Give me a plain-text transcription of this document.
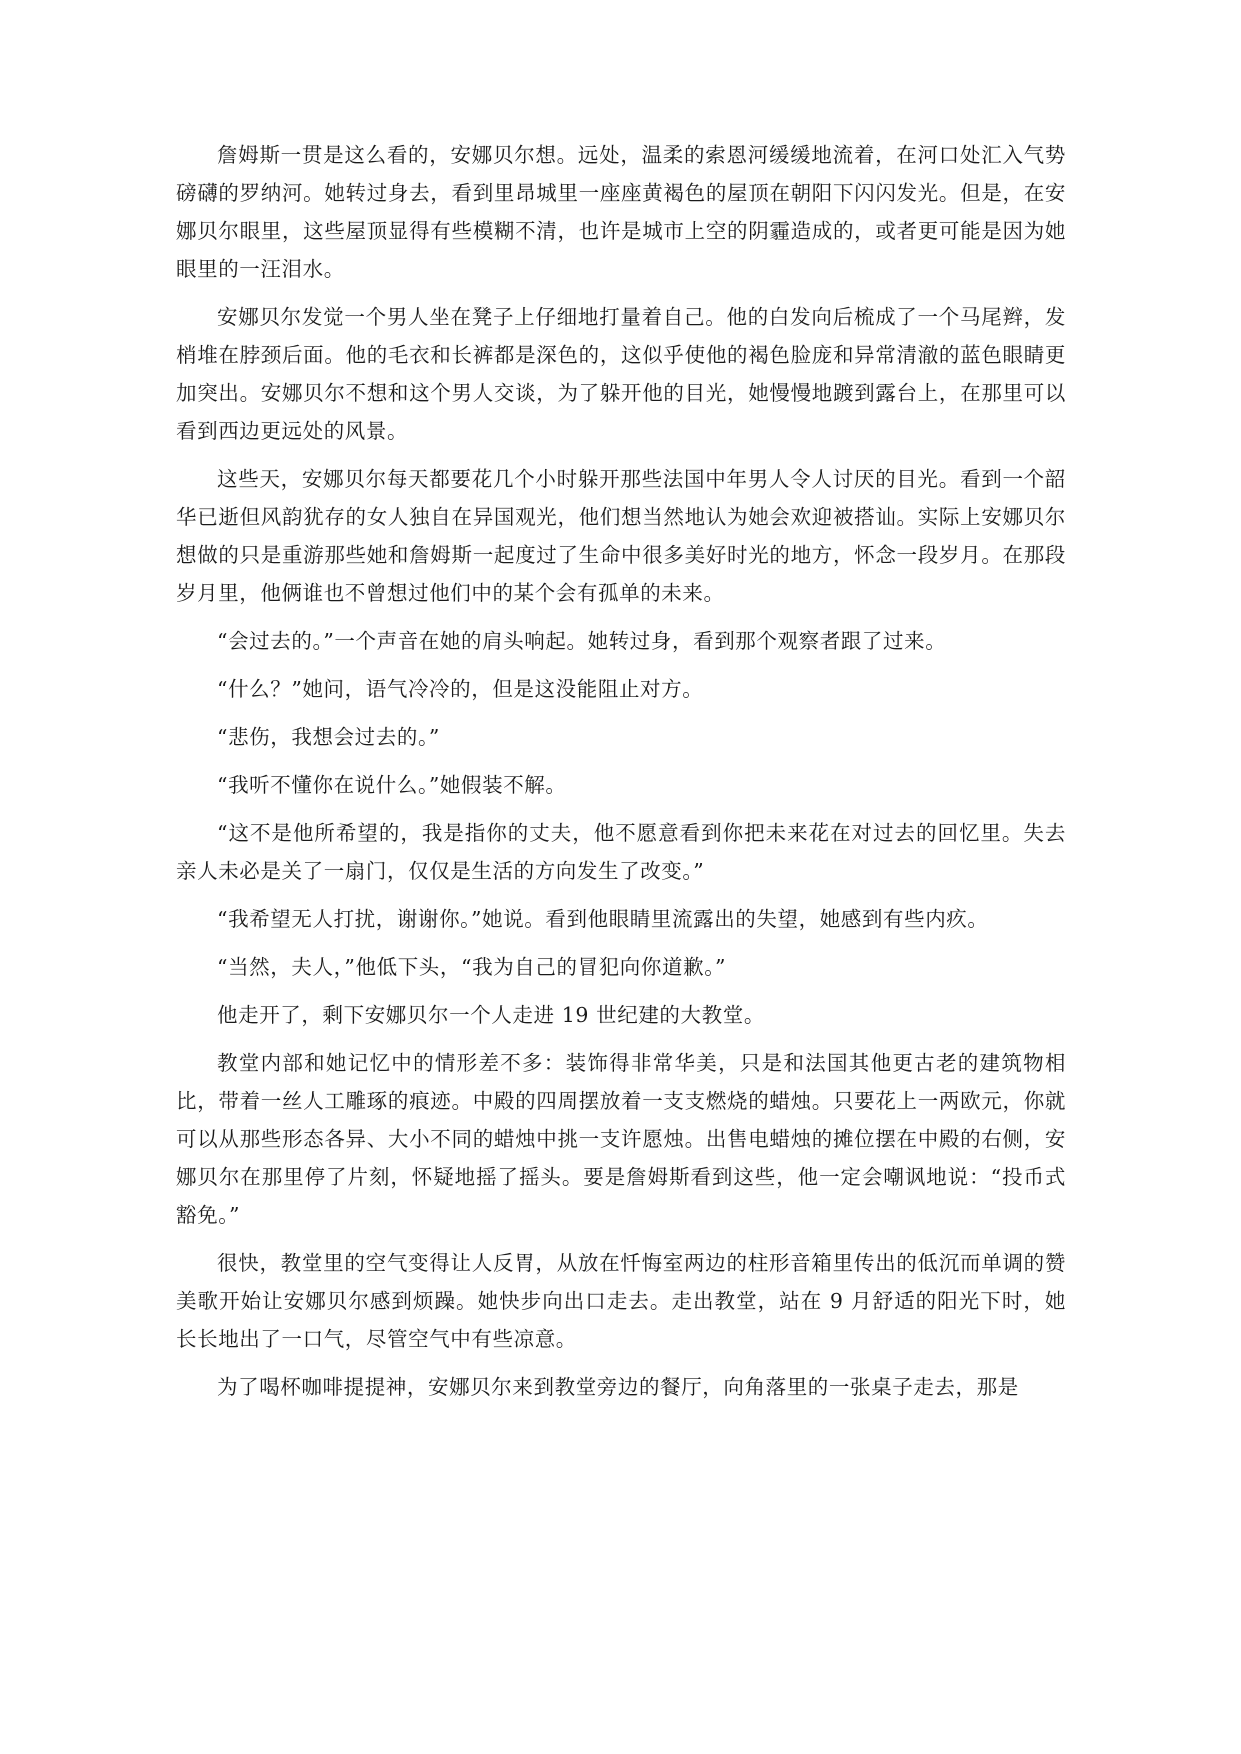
詹姆斯一贯是这么看的，安娜贝尔想。远处，温柔的索恩河缓缓地流着，在河口处汇入气势磅礴的罗纳河。她转过身去，看到里昂城里一座座黄褐色的屋顶在朝阳下闪闪发光。但是，在安娜贝尔眼里，这些屋顶显得有些模糊不清，也许是城市上空的阴霾造成的，或者更可能是因为她眼里的一汪泪水。

安娜贝尔发觉一个男人坐在凳子上仔细地打量着自己。他的白发向后梳成了一个马尾辫，发梢堆在脖颈后面。他的毛衣和长裤都是深色的，这似乎使他的褐色脸庞和异常清澈的蓝色眼睛更加突出。安娜贝尔不想和这个男人交谈，为了躲开他的目光，她慢慢地踱到露台上，在那里可以看到西边更远处的风景。

这些天，安娜贝尔每天都要花几个小时躲开那些法国中年男人令人讨厌的目光。看到一个韶华已逝但风韵犹存的女人独自在异国观光，他们想当然地认为她会欢迎被搭讪。实际上安娜贝尔想做的只是重游那些她和詹姆斯一起度过了生命中很多美好时光的地方，怀念一段岁月。在那段岁月里，他俩谁也不曾想过他们中的某个会有孤单的未来。

“会过去的。”一个声音在她的肩头响起。她转过身，看到那个观察者跟了过来。

“什么？”她问，语气冷冷的，但是这没能阻止对方。

“悲伤，我想会过去的。”

“我听不懂你在说什么。”她假装不解。

“这不是他所希望的，我是指你的丈夫，他不愿意看到你把未来花在对过去的回忆里。失去亲人未必是关了一扇门，仅仅是生活的方向发生了改变。”

“我希望无人打扰，谢谢你。”她说。看到他眼睛里流露出的失望，她感到有些内疚。

“当然，夫人，”他低下头，“我为自己的冒犯向你道歉。”

他走开了，剩下安娜贝尔一个人走进 19 世纪建的大教堂。

教堂内部和她记忆中的情形差不多：装饰得非常华美，只是和法国其他更古老的建筑物相比，带着一丝人工雕琢的痕迹。中殿的四周摆放着一支支燃烧的蜡烛。只要花上一两欧元，你就可以从那些形态各异、大小不同的蜡烛中挑一支许愿烛。出售电蜡烛的摊位摆在中殿的右侧，安娜贝尔在那里停了片刻，怀疑地摇了摇头。要是詹姆斯看到这些，他一定会嘲讽地说：“投币式豁免。”

很快，教堂里的空气变得让人反胃，从放在忏悔室两边的柱形音箱里传出的低沉而单调的赞美歌开始让安娜贝尔感到烦躁。她快步向出口走去。走出教堂，站在 9 月舒适的阳光下时，她长长地出了一口气，尽管空气中有些凉意。

为了喝杯咖啡提提神，安娜贝尔来到教堂旁边的餐厅，向角落里的一张桌子走去，那是
